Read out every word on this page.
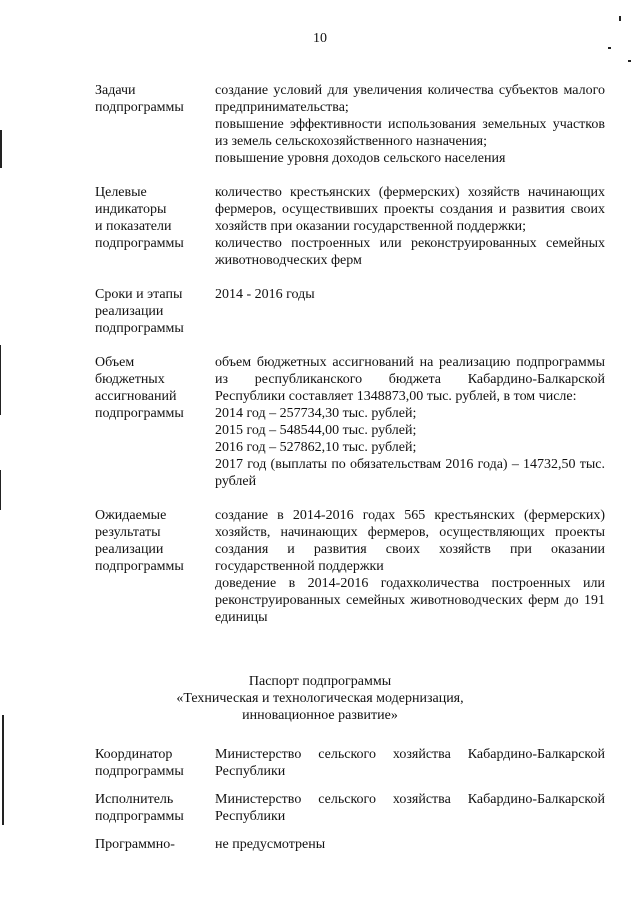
10
Задачи
подпрограммы

создание условий для увеличения количества субъектов малого предпринимательства;

повышение эффективности использования земельных участков из земель сельскохозяйственного назначения;

повышение уровня доходов сельского населения

Целевые
индикаторы
и показатели
подпрограммы

количество крестьянских (фермерских) хозяйств начинающих фермеров, осуществивших проекты создания и развития своих хозяйств при оказании государственной поддержки;

количество построенных или реконструированных семейных животноводческих ферм

Сроки и этапы
реализации
подпрограммы

2014 - 2016 годы

Объем
бюджетных
ассигнований
подпрограммы

объем бюджетных ассигнований на реализацию подпрограммы из республиканского бюджета Кабардино-Балкарской Республики составляет 1348873,00 тыс. рублей, в том числе:

2014 год – 257734,30 тыс. рублей;

2015 год – 548544,00 тыс. рублей;

2016 год – 527862,10 тыс. рублей;

2017 год (выплаты по обязательствам 2016 года) – 14732,50 тыс. рублей

Ожидаемые
результаты
реализации
подпрограммы

создание в 2014-2016 годах 565 крестьянских (фермерских) хозяйств, начинающих фермеров, осуществляющих проекты создания и развития своих хозяйств при оказании государственной поддержки

доведение в 2014-2016 годахколичества построенных или реконструированных семейных животноводческих ферм до 191 единицы

Паспорт подпрограммы
«Техническая и технологическая модернизация,
инновационное развитие»
Координатор
подпрограммы

Министерство сельского хозяйства Кабардино-Балкарской Республики

Исполнитель
подпрограммы

Министерство сельского хозяйства Кабардино-Балкарской Республики

Программно-	не предусмотрены
